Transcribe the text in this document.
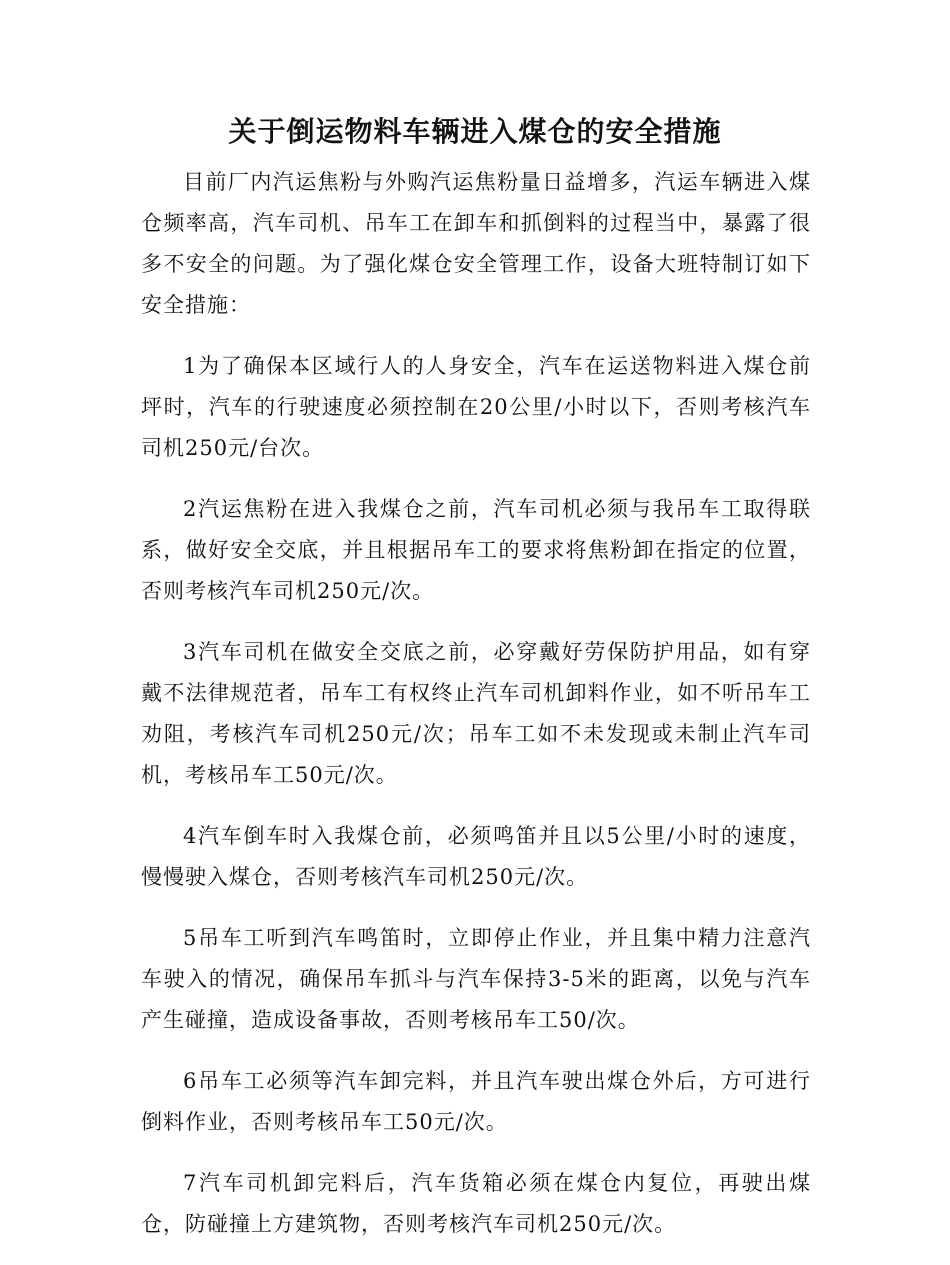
关于倒运物料车辆进入煤仓的安全措施

目前厂内汽运焦粉与外购汽运焦粉量日益增多，汽运车辆进入煤仓频率高，汽车司机、吊车工在卸车和抓倒料的过程当中，暴露了很多不安全的问题。为了强化煤仓安全管理工作，设备大班特制订如下安全措施：

1为了确保本区域行人的人身安全，汽车在运送物料进入煤仓前坪时，汽车的行驶速度必须控制在20公里/小时以下，否则考核汽车司机250元/台次。

2汽运焦粉在进入我煤仓之前，汽车司机必须与我吊车工取得联系，做好安全交底，并且根据吊车工的要求将焦粉卸在指定的位置，否则考核汽车司机250元/次。

3汽车司机在做安全交底之前，必穿戴好劳保防护用品，如有穿戴不法律规范者，吊车工有权终止汽车司机卸料作业，如不听吊车工劝阻，考核汽车司机250元/次；吊车工如不未发现或未制止汽车司机，考核吊车工50元/次。

4汽车倒车时入我煤仓前，必须鸣笛并且以5公里/小时的速度，慢慢驶入煤仓，否则考核汽车司机250元/次。

5吊车工听到汽车鸣笛时，立即停止作业，并且集中精力注意汽车驶入的情况，确保吊车抓斗与汽车保持3-5米的距离，以免与汽车产生碰撞，造成设备事故，否则考核吊车工50/次。

6吊车工必须等汽车卸完料，并且汽车驶出煤仓外后，方可进行倒料作业，否则考核吊车工50元/次。

7汽车司机卸完料后，汽车货箱必须在煤仓内复位，再驶出煤仓，防碰撞上方建筑物，否则考核汽车司机250元/次。
